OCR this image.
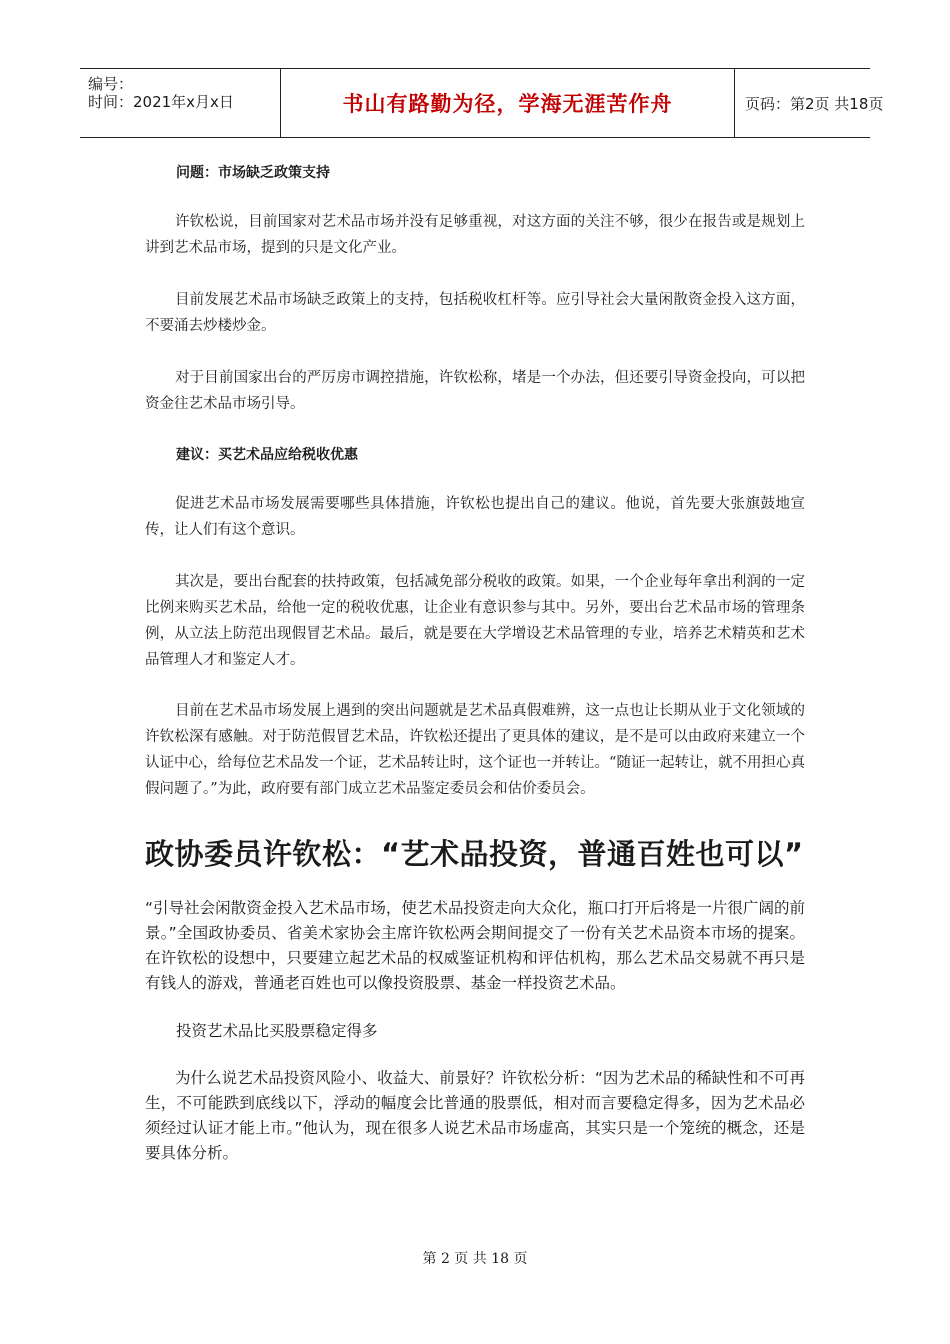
编号：
时间：2021年x月x日	书山有路勤为径，学海无涯苦作舟	页码：第2页 共18页
问题：市场缺乏政策支持

许钦松说，目前国家对艺术品市场并没有足够重视，对这方面的关注不够，很少在报告或是规划上讲到艺术品市场，提到的只是文化产业。

目前发展艺术品市场缺乏政策上的支持，包括税收杠杆等。应引导社会大量闲散资金投入这方面，不要涌去炒楼炒金。

对于目前国家出台的严厉房市调控措施，许钦松称，堵是一个办法，但还要引导资金投向，可以把资金往艺术品市场引导。

建议：买艺术品应给税收优惠

促进艺术品市场发展需要哪些具体措施，许钦松也提出自己的建议。他说，首先要大张旗鼓地宣传，让人们有这个意识。

其次是，要出台配套的扶持政策，包括减免部分税收的政策。如果，一个企业每年拿出利润的一定比例来购买艺术品，给他一定的税收优惠，让企业有意识参与其中。另外，要出台艺术品市场的管理条例，从立法上防范出现假冒艺术品。最后，就是要在大学增设艺术品管理的专业，培养艺术精英和艺术品管理人才和鉴定人才。

目前在艺术品市场发展上遇到的突出问题就是艺术品真假难辨，这一点也让长期从业于文化领域的许钦松深有感触。对于防范假冒艺术品，许钦松还提出了更具体的建议，是不是可以由政府来建立一个认证中心，给每位艺术品发一个证，艺术品转让时，这个证也一并转让。“随证一起转让，就不用担心真假问题了。”为此，政府要有部门成立艺术品鉴定委员会和估价委员会。

政协委员许钦松：“艺术品投资，普通百姓也可以”

“引导社会闲散资金投入艺术品市场，使艺术品投资走向大众化，瓶口打开后将是一片很广阔的前景。”全国政协委员、省美术家协会主席许钦松两会期间提交了一份有关艺术品资本市场的提案。在许钦松的设想中，只要建立起艺术品的权威鉴证机构和评估机构，那么艺术品交易就不再只是有钱人的游戏，普通老百姓也可以像投资股票、基金一样投资艺术品。

投资艺术品比买股票稳定得多

为什么说艺术品投资风险小、收益大、前景好？许钦松分析：“因为艺术品的稀缺性和不可再生，不可能跌到底线以下，浮动的幅度会比普通的股票低，相对而言要稳定得多，因为艺术品必须经过认证才能上市。”他认为，现在很多人说艺术品市场虚高，其实只是一个笼统的概念，还是要具体分析。

第 2 页 共 18 页
